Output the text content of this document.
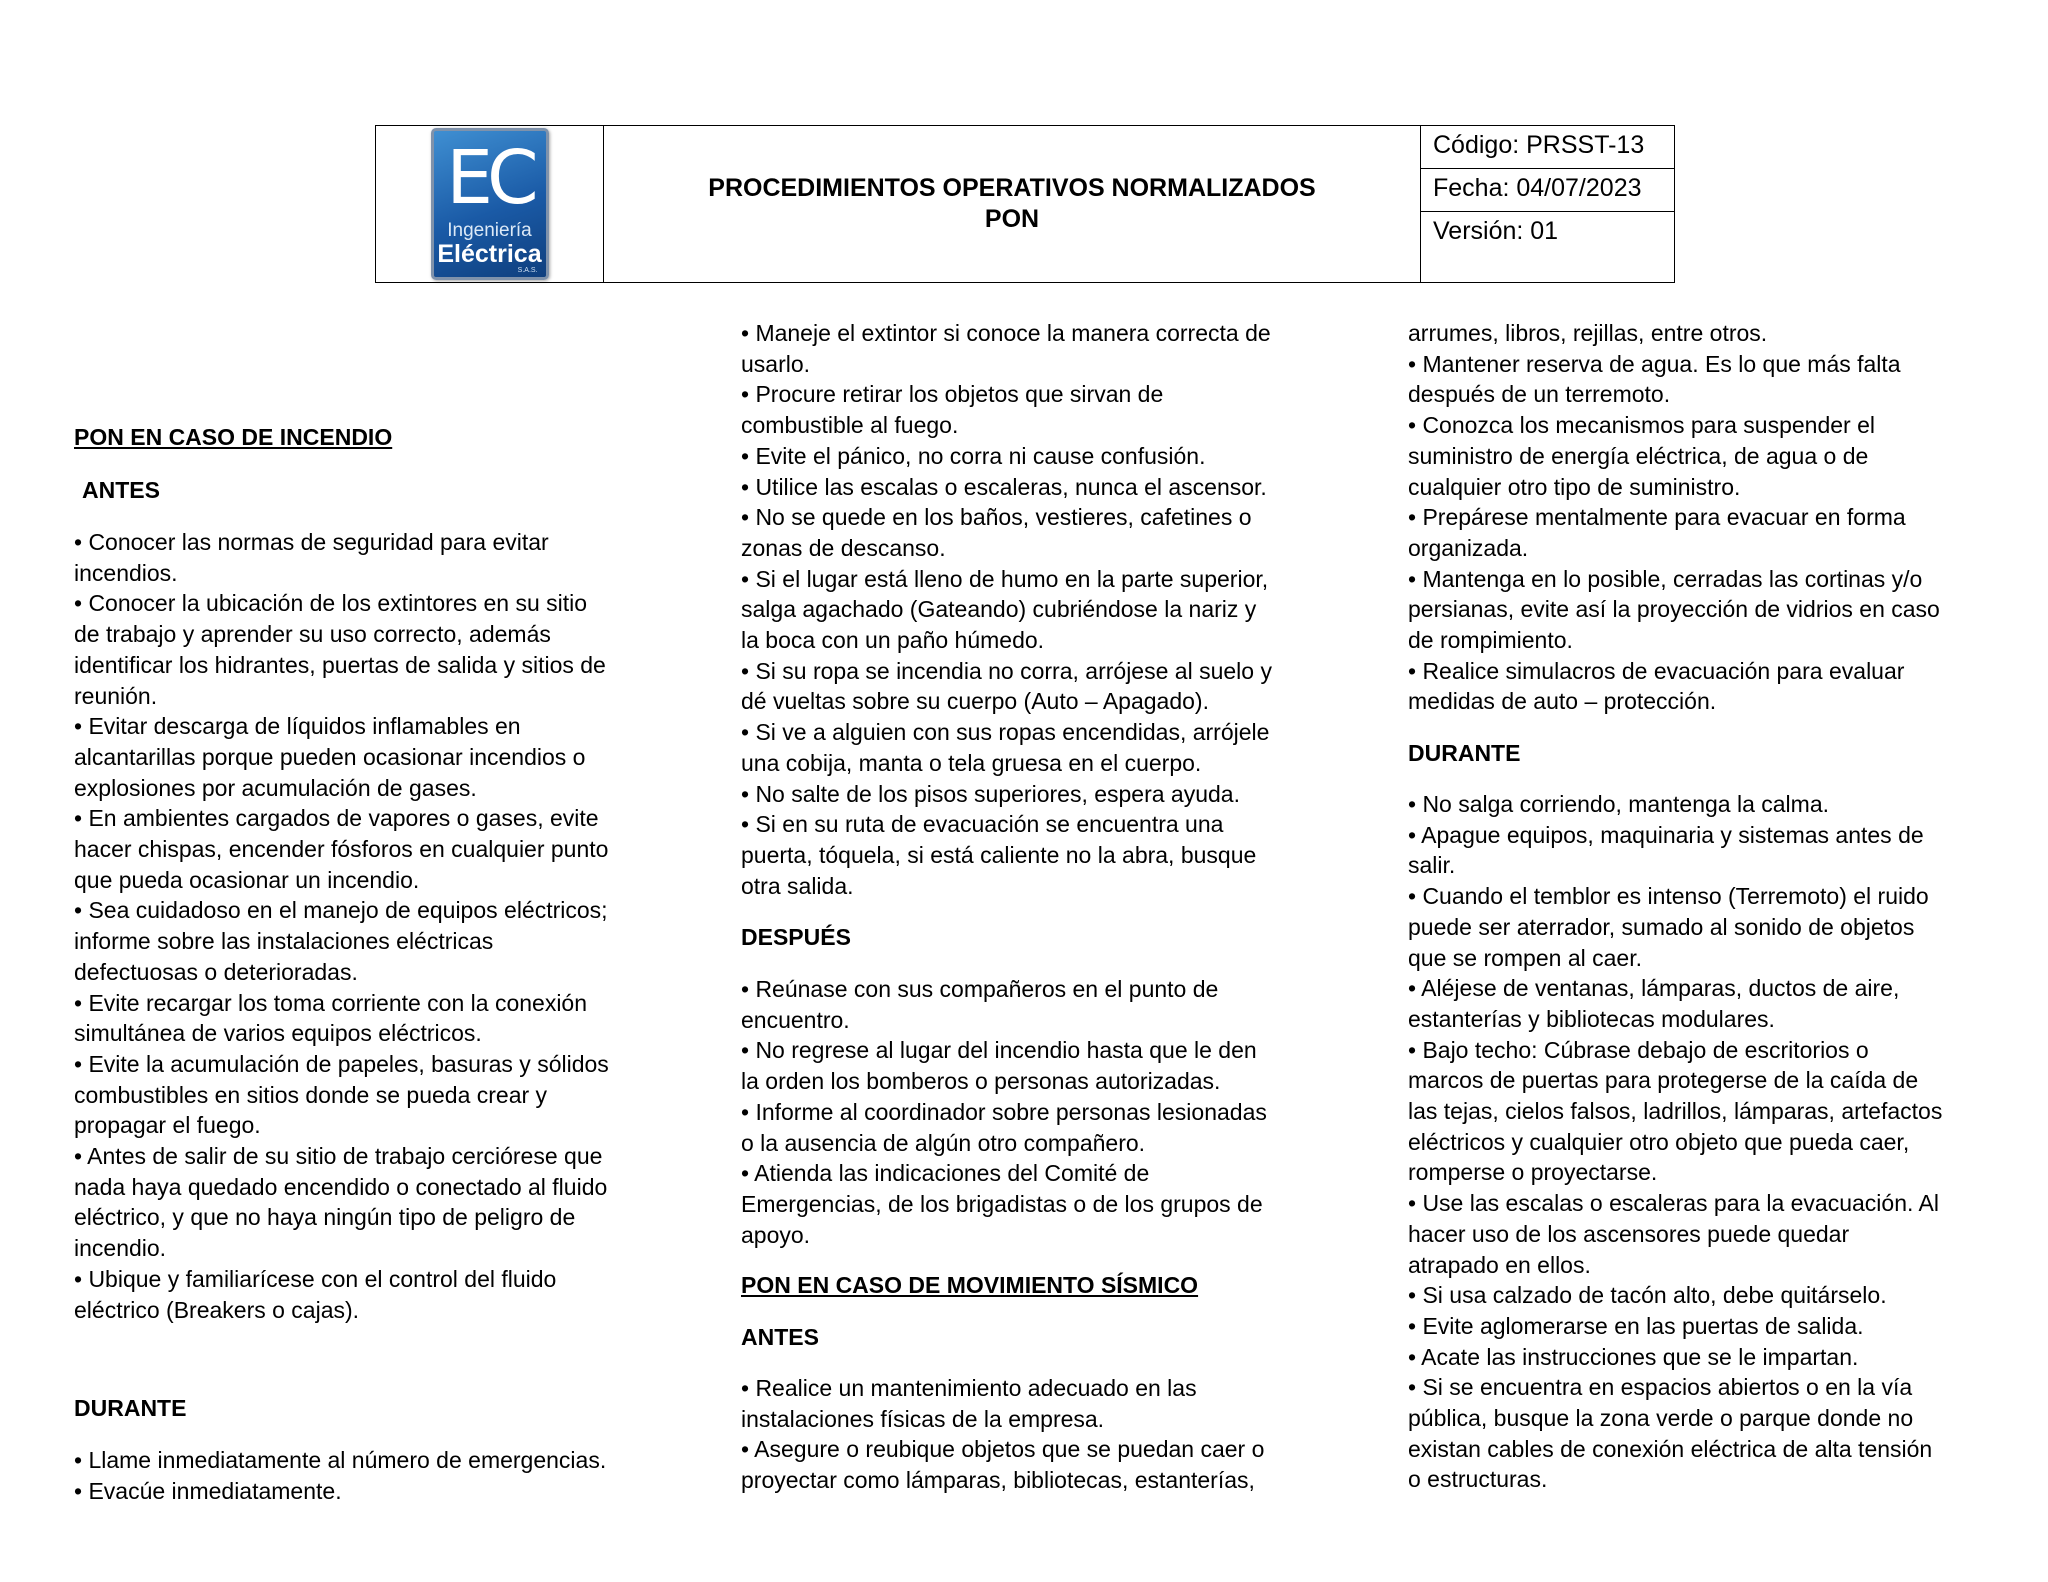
EC
Ingeniería
Eléctrica
S.A.S.
PROCEDIMIENTOS OPERATIVOS NORMALIZADOS
PON
Código: PRSST-13
Fecha: 04/07/2023
Versión: 01
PON EN CASO DE INCENDIO
ANTES
• Conocer las normas de seguridad para evitar
incendios.
• Conocer la ubicación de los extintores en su sitio
de trabajo y aprender su uso correcto, además
identificar los hidrantes, puertas de salida y sitios de
reunión.
• Evitar descarga de líquidos inflamables en
alcantarillas porque pueden ocasionar incendios o
explosiones por acumulación de gases.
• En ambientes cargados de vapores o gases, evite
hacer chispas, encender fósforos en cualquier punto
que pueda ocasionar un incendio.
• Sea cuidadoso en el manejo de equipos eléctricos;
informe sobre las instalaciones eléctricas
defectuosas o deterioradas.
• Evite recargar los toma corriente con la conexión
simultánea de varios equipos eléctricos.
• Evite la acumulación de papeles, basuras y sólidos
combustibles en sitios donde se pueda crear y
propagar el fuego.
• Antes de salir de su sitio de trabajo cerciórese que
nada haya quedado encendido o conectado al fluido
eléctrico, y que no haya ningún tipo de peligro de
incendio.
• Ubique y familiarícese con el control del fluido
eléctrico (Breakers o cajas).
DURANTE
• Llame inmediatamente al número de emergencias.
• Evacúe inmediatamente.
• Maneje el extintor si conoce la manera correcta de
usarlo.
• Procure retirar los objetos que sirvan de
combustible al fuego.
• Evite el pánico, no corra ni cause confusión.
• Utilice las escalas o escaleras, nunca el ascensor.
• No se quede en los baños, vestieres, cafetines o
zonas de descanso.
• Si el lugar está lleno de humo en la parte superior,
salga agachado (Gateando) cubriéndose la nariz y
la boca con un paño húmedo.
• Si su ropa se incendia no corra, arrójese al suelo y
dé vueltas sobre su cuerpo (Auto – Apagado).
• Si ve a alguien con sus ropas encendidas, arrójele
una cobija, manta o tela gruesa en el cuerpo.
• No salte de los pisos superiores, espera ayuda.
• Si en su ruta de evacuación se encuentra una
puerta, tóquela, si está caliente no la abra, busque
otra salida.
DESPUÉS
• Reúnase con sus compañeros en el punto de
encuentro.
• No regrese al lugar del incendio hasta que le den
la orden los bomberos o personas autorizadas.
• Informe al coordinador sobre personas lesionadas
o la ausencia de algún otro compañero.
• Atienda las indicaciones del Comité de
Emergencias, de los brigadistas o de los grupos de
apoyo.
PON EN CASO DE MOVIMIENTO SÍSMICO
ANTES
• Realice un mantenimiento adecuado en las
instalaciones físicas de la empresa.
• Asegure o reubique objetos que se puedan caer o
proyectar como lámparas, bibliotecas, estanterías,
arrumes, libros, rejillas, entre otros.
• Mantener reserva de agua. Es lo que más falta
después de un terremoto.
• Conozca los mecanismos para suspender el
suministro de energía eléctrica, de agua o de
cualquier otro tipo de suministro.
• Prepárese mentalmente para evacuar en forma
organizada.
• Mantenga en lo posible, cerradas las cortinas y/o
persianas, evite así la proyección de vidrios en caso
de rompimiento.
• Realice simulacros de evacuación para evaluar
medidas de auto – protección.
DURANTE
• No salga corriendo, mantenga la calma.
• Apague equipos, maquinaria y sistemas antes de
salir.
• Cuando el temblor es intenso (Terremoto) el ruido
puede ser aterrador, sumado al sonido de objetos
que se rompen al caer.
• Aléjese de ventanas, lámparas, ductos de aire,
estanterías y bibliotecas modulares.
• Bajo techo: Cúbrase debajo de escritorios o
marcos de puertas para protegerse de la caída de
las tejas, cielos falsos, ladrillos, lámparas, artefactos
eléctricos y cualquier otro objeto que pueda caer,
romperse o proyectarse.
• Use las escalas o escaleras para la evacuación. Al
hacer uso de los ascensores puede quedar
atrapado en ellos.
• Si usa calzado de tacón alto, debe quitárselo.
• Evite aglomerarse en las puertas de salida.
• Acate las instrucciones que se le impartan.
• Si se encuentra en espacios abiertos o en la vía
pública, busque la zona verde o parque donde no
existan cables de conexión eléctrica de alta tensión
o estructuras.
